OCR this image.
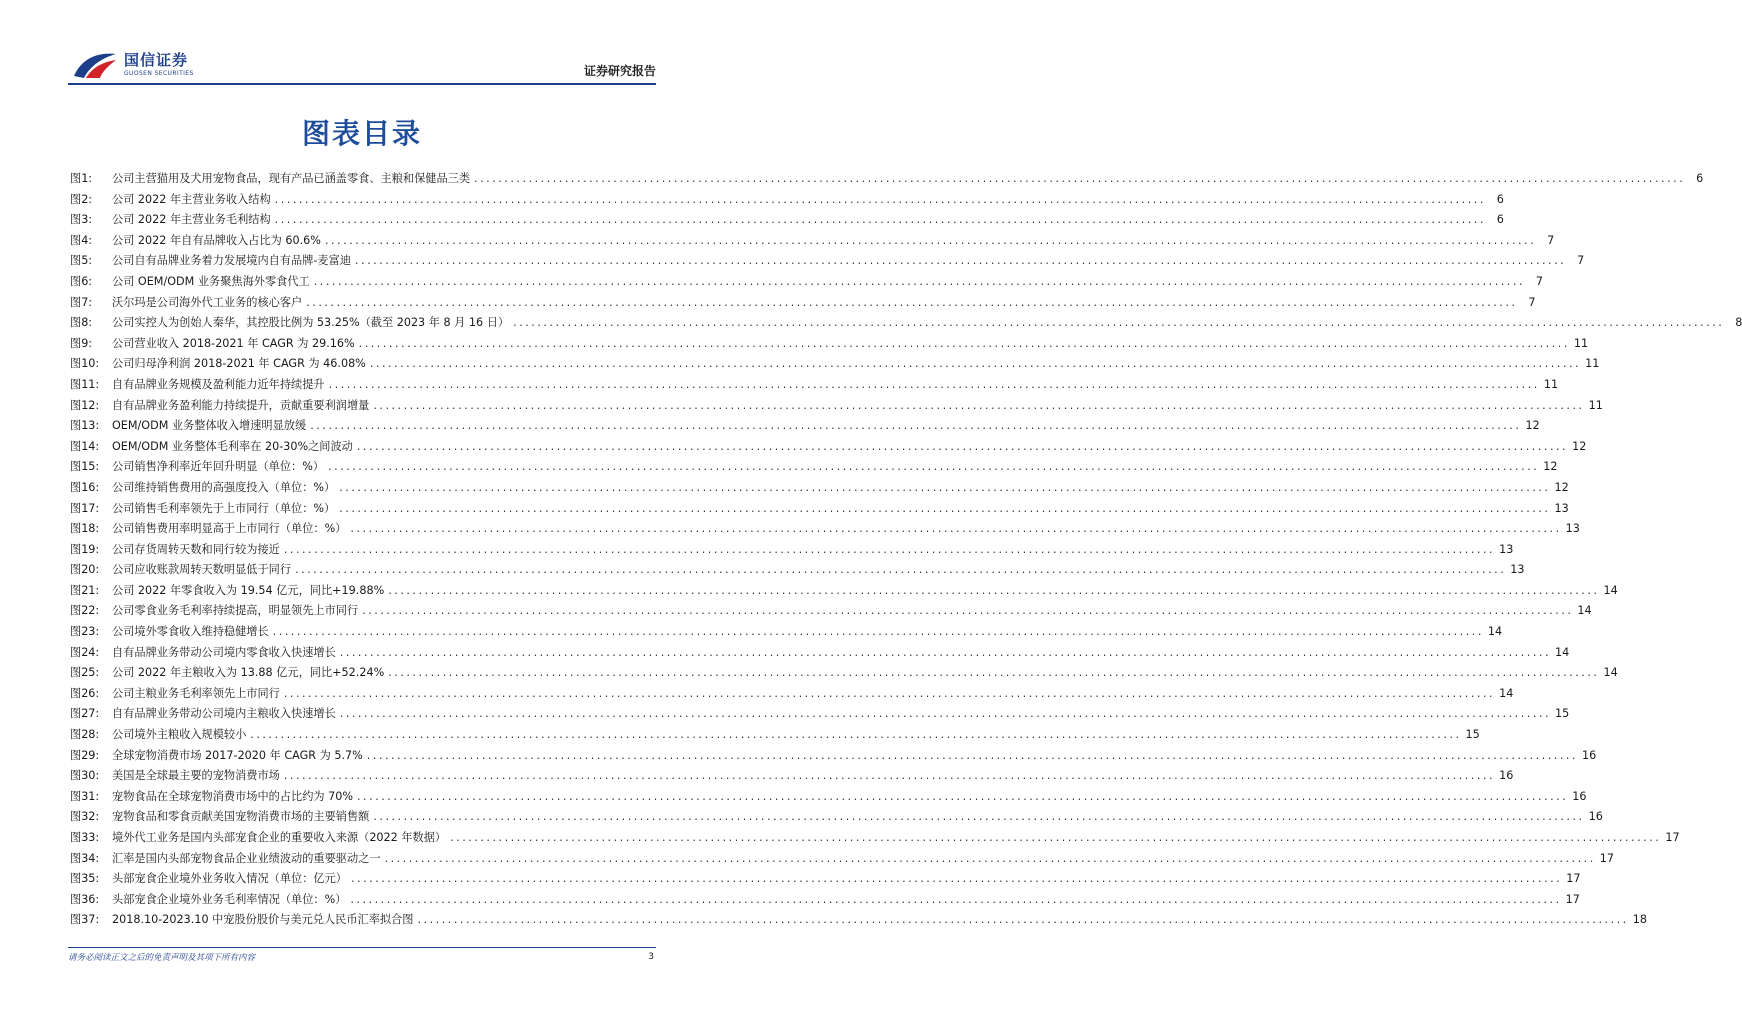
国信证券
GUOSEN SECURITIES	证券研究报告
图表目录
图1:	公司主营猫用及犬用宠物食品，现有产品已涵盖零食、主粮和保健品三类 ........................................................................................................................................................................................................ 6
图2:	公司 2022 年主营业务收入结构 ........................................................................................................................................................................................................ 6
图3:	公司 2022 年主营业务毛利结构 ........................................................................................................................................................................................................ 6
图4:	公司 2022 年自有品牌收入占比为 60.6% ........................................................................................................................................................................................................ 7
图5:	公司自有品牌业务着力发展境内自有品牌-麦富迪 ........................................................................................................................................................................................................ 7
图6:	公司 OEM/ODM 业务聚焦海外零食代工 ........................................................................................................................................................................................................ 7
图7:	沃尔玛是公司海外代工业务的核心客户 ........................................................................................................................................................................................................ 7
图8:	公司实控人为创始人秦华，其控股比例为 53.25%（截至 2023 年 8 月 16 日） ........................................................................................................................................................................................................ 8
图9:	公司营业收入 2018-2021 年 CAGR 为 29.16% ........................................................................................................................................................................................................ 11
图10:	公司归母净利润 2018-2021 年 CAGR 为 46.08% ........................................................................................................................................................................................................ 11
图11:	自有品牌业务规模及盈利能力近年持续提升 ........................................................................................................................................................................................................ 11
图12:	自有品牌业务盈利能力持续提升，贡献重要利润增量 ........................................................................................................................................................................................................ 11
图13:	OEM/ODM 业务整体收入增速明显放缓 ........................................................................................................................................................................................................ 12
图14:	OEM/ODM 业务整体毛利率在 20-30%之间波动 ........................................................................................................................................................................................................ 12
图15:	公司销售净利率近年回升明显（单位：%） ........................................................................................................................................................................................................ 12
图16:	公司维持销售费用的高强度投入（单位：%） ........................................................................................................................................................................................................ 12
图17:	公司销售毛利率领先于上市同行（单位：%） ........................................................................................................................................................................................................ 13
图18:	公司销售费用率明显高于上市同行（单位：%） ........................................................................................................................................................................................................ 13
图19:	公司存货周转天数和同行较为接近 ........................................................................................................................................................................................................ 13
图20:	公司应收账款周转天数明显低于同行 ........................................................................................................................................................................................................ 13
图21:	公司 2022 年零食收入为 19.54 亿元，同比+19.88% ........................................................................................................................................................................................................ 14
图22:	公司零食业务毛利率持续提高，明显领先上市同行 ........................................................................................................................................................................................................ 14
图23:	公司境外零食收入维持稳健增长 ........................................................................................................................................................................................................ 14
图24:	自有品牌业务带动公司境内零食收入快速增长 ........................................................................................................................................................................................................ 14
图25:	公司 2022 年主粮收入为 13.88 亿元，同比+52.24% ........................................................................................................................................................................................................ 14
图26:	公司主粮业务毛利率领先上市同行 ........................................................................................................................................................................................................ 14
图27:	自有品牌业务带动公司境内主粮收入快速增长 ........................................................................................................................................................................................................ 15
图28:	公司境外主粮收入规模较小 ........................................................................................................................................................................................................ 15
图29:	全球宠物消费市场 2017-2020 年 CAGR 为 5.7% ........................................................................................................................................................................................................ 16
图30:	美国是全球最主要的宠物消费市场 ........................................................................................................................................................................................................ 16
图31:	宠物食品在全球宠物消费市场中的占比约为 70% ........................................................................................................................................................................................................ 16
图32:	宠物食品和零食贡献美国宠物消费市场的主要销售额 ........................................................................................................................................................................................................ 16
图33:	境外代工业务是国内头部宠食企业的重要收入来源（2022 年数据） ........................................................................................................................................................................................................ 17
图34:	汇率是国内头部宠物食品企业业绩波动的重要驱动之一 ........................................................................................................................................................................................................ 17
图35:	头部宠食企业境外业务收入情况（单位：亿元） ........................................................................................................................................................................................................ 17
图36:	头部宠食企业境外业务毛利率情况（单位：%） ........................................................................................................................................................................................................ 17
图37:	2018.10-2023.10 中宠股份股价与美元兑人民币汇率拟合图 ........................................................................................................................................................................................................ 18
请务必阅读正文之后的免责声明及其项下所有内容	3
